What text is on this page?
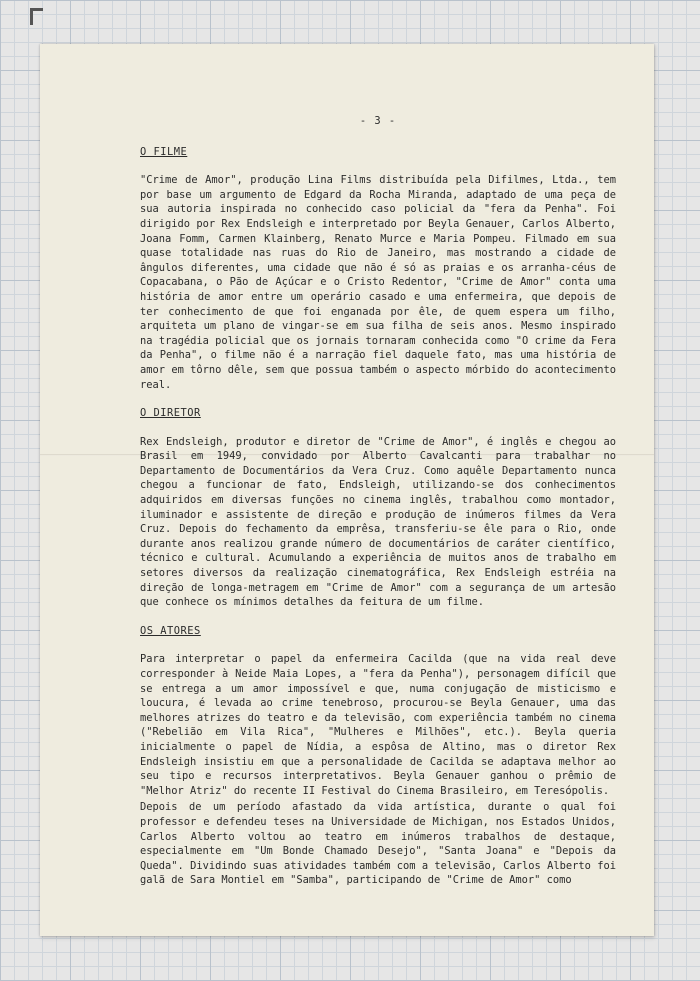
- 3 -

O FILME

"Crime de Amor", produção Lina Films distribuída pela Difilmes, Ltda., tem por base um argumento de Edgard da Rocha Miranda, adaptado de uma peça de sua autoria inspirada no conhecido caso policial da "fera da Penha". Foi dirigido por Rex Endsleigh e interpretado por Beyla Genauer, Carlos Alberto, Joana Fomm, Carmen Klainberg, Renato Murce e Maria Pompeu. Filmado em sua quase totalidade nas ruas do Rio de Janeiro, mas mostrando a cidade de ângulos diferentes, uma cidade que não é só as praias e os arranha-céus de Copacabana, o Pão de Açúcar e o Cristo Redentor, "Crime de Amor" conta uma história de amor entre um operário casado e uma enfermeira, que depois de ter conhecimento de que foi enganada por êle, de quem espera um filho, arquiteta um plano de vingar-se em sua filha de seis anos. Mesmo inspirado na tragédia policial que os jornais tornaram conhecida como "O crime da Fera da Penha", o filme não é a narração fiel daquele fato, mas uma história de amor em tôrno dêle, sem que possua também o aspecto mórbido do acontecimento real.

O DIRETOR

Rex Endsleigh, produtor e diretor de "Crime de Amor", é inglês e chegou ao Brasil em 1949, convidado por Alberto Cavalcanti para trabalhar no Departamento de Documentários da Vera Cruz. Como aquêle Departamento nunca chegou a funcionar de fato, Endsleigh, utilizando-se dos conhecimentos adquiridos em diversas funções no cinema inglês, trabalhou como montador, iluminador e assistente de direção e produção de inúmeros filmes da Vera Cruz. Depois do fechamento da emprêsa, transferiu-se êle para o Rio, onde durante anos realizou grande número de documentários de caráter científico, técnico e cultural. Acumulando a experiência de muitos anos de trabalho em setores diversos da realização cinematográfica, Rex Endsleigh estréia na direção de longa-metragem em "Crime de Amor" com a segurança de um artesão que conhece os mínimos detalhes da feitura de um filme.

OS ATORES

Para interpretar o papel da enfermeira Cacilda (que na vida real deve corresponder à Neide Maia Lopes, a "fera da Penha"), personagem difícil que se entrega a um amor impossível e que, numa conjugação de misticismo e loucura, é levada ao crime tenebroso, procurou-se Beyla Genauer, uma das melhores atrizes do teatro e da televisão, com experiência também no cinema ("Rebelião em Vila Rica", "Mulheres e Milhões", etc.). Beyla queria inicialmente o papel de Nídia, a espôsa de Altino, mas o diretor Rex Endsleigh insistiu em que a personalidade de Cacilda se adaptava melhor ao seu tipo e recursos interpretativos. Beyla Genauer ganhou o prêmio de "Melhor Atriz" do recente II Festival do Cinema Brasileiro, em Teresópolis.

Depois de um período afastado da vida artística, durante o qual foi professor e defendeu teses na Universidade de Michigan, nos Estados Unidos, Carlos Alberto voltou ao teatro em inúmeros trabalhos de destaque, especialmente em "Um Bonde Chamado Desejo", "Santa Joana" e "Depois da Queda". Dividindo suas atividades também com a televisão, Carlos Alberto foi galã de Sara Montiel em "Samba", participando de "Crime de Amor" como
